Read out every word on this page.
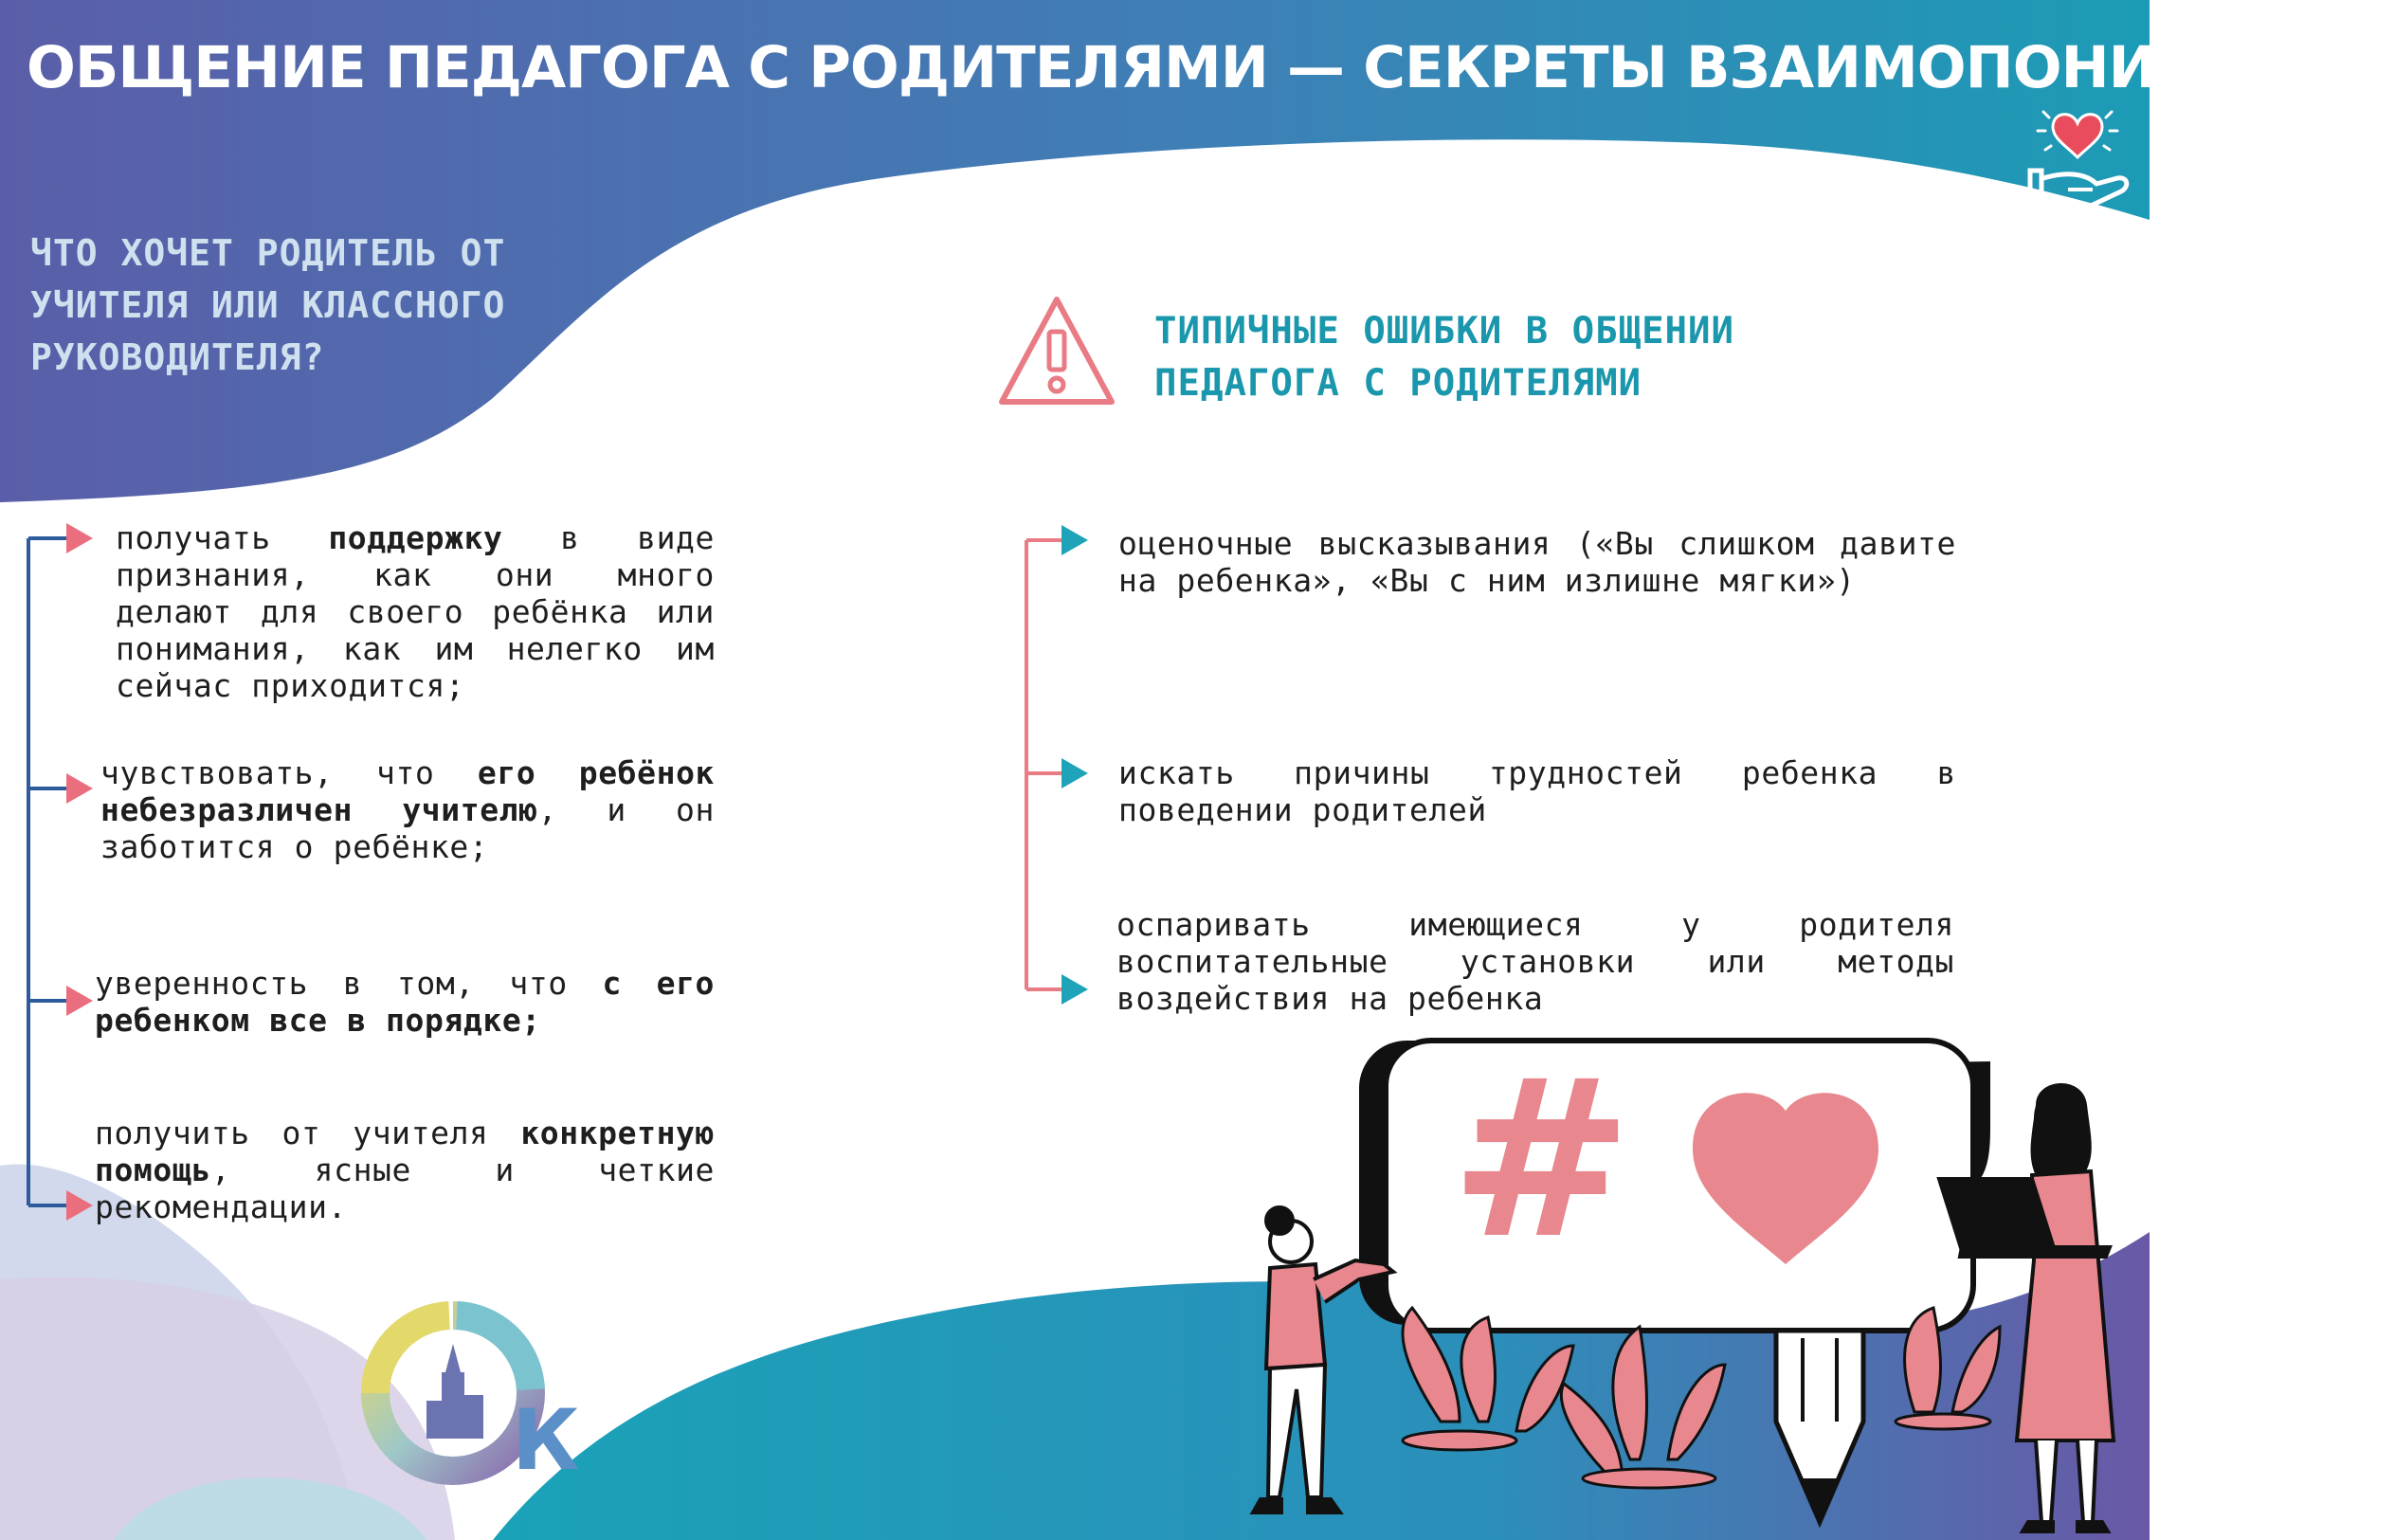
ОБЩЕНИЕ ПЕДАГОГА С РОДИТЕЛЯМИ — СЕКРЕТЫ ВЗАИМОПОНИМАНИЯ
ЧТО ХОЧЕТ РОДИТЕЛЬ ОТ УЧИТЕЛЯ ИЛИ КЛАССНОГО РУКОВОДИТЕЛЯ?
ТИПИЧНЫЕ ОШИБКИ В ОБЩЕНИИ ПЕДАГОГА С РОДИТЕЛЯМИ
получать поддержку в виде признания, как они много делают для своего ребёнка или понимания, как им нелегко им сейчас приходится;
чувствовать, что его ребёнок небезразличен учителю, и он заботится о ребёнке;
уверенность в том, что с его ребенком все в порядке;
получить от учителя конкретную помощь, ясные и четкие рекомендации.
оценочные высказывания («Вы слишком давите на ребенка», «Вы с ним излишне мягки»)
искать причины трудностей ребенка в поведении родителей
оспаривать имеющиеся у родителя воспитательные установки или методы воздействия на ребенка
#
К
